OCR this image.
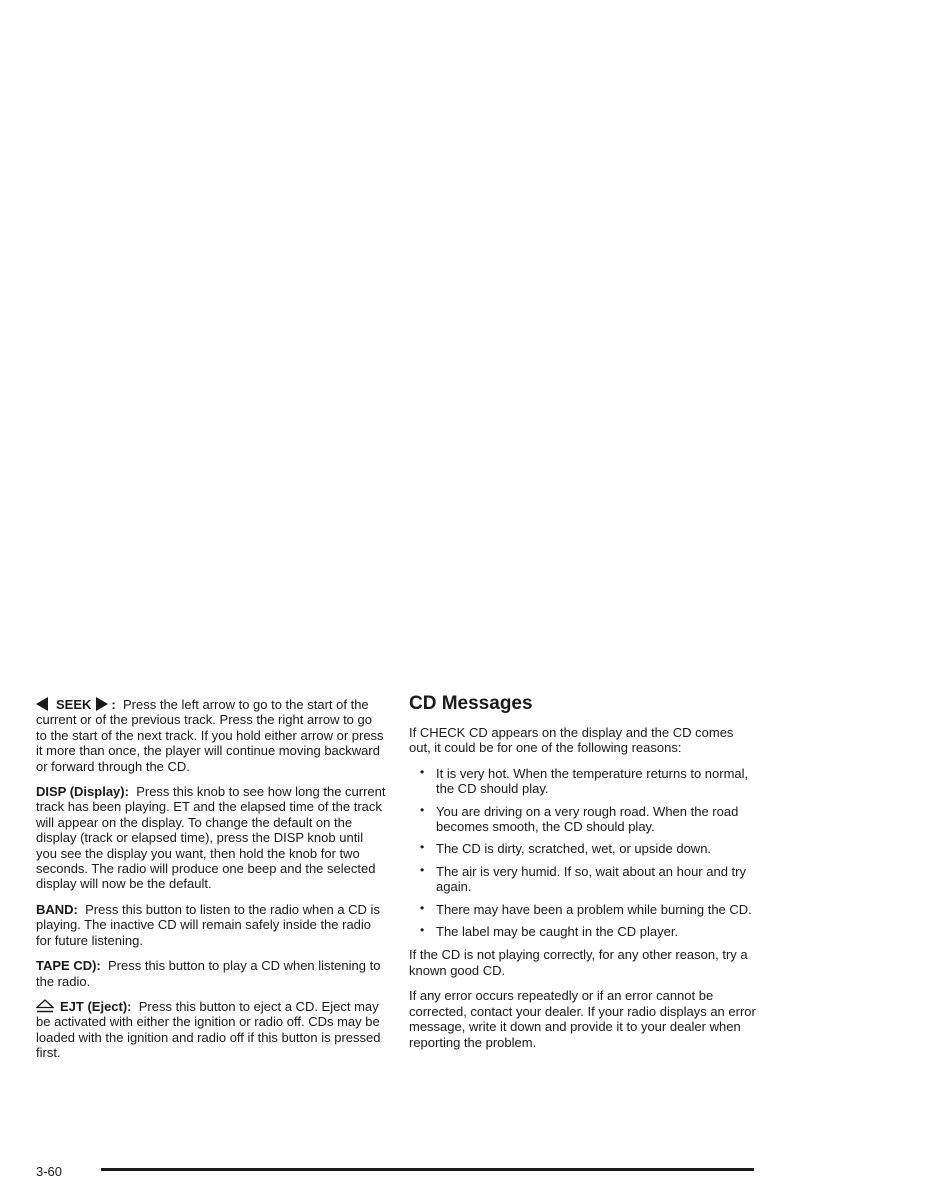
SEEK : Press the left arrow to go to the start of the current or of the previous track. Press the right arrow to go to the start of the next track. If you hold either arrow or press it more than once, the player will continue moving backward or forward through the CD.

DISP (Display): Press this knob to see how long the current track has been playing. ET and the elapsed time of the track will appear on the display. To change the default on the display (track or elapsed time), press the DISP knob until you see the display you want, then hold the knob for two seconds. The radio will produce one beep and the selected display will now be the default.

BAND: Press this button to listen to the radio when a CD is playing. The inactive CD will remain safely inside the radio for future listening.

TAPE CD): Press this button to play a CD when listening to the radio.

EJT (Eject): Press this button to eject a CD. Eject may be activated with either the ignition or radio off. CDs may be loaded with the ignition and radio off if this button is pressed first.

CD Messages

If CHECK CD appears on the display and the CD comes out, it could be for one of the following reasons:

• It is very hot. When the temperature returns to normal, the CD should play.
• You are driving on a very rough road. When the road becomes smooth, the CD should play.
• The CD is dirty, scratched, wet, or upside down.
• The air is very humid. If so, wait about an hour and try again.
• There may have been a problem while burning the CD.
• The label may be caught in the CD player.

If the CD is not playing correctly, for any other reason, try a known good CD.

If any error occurs repeatedly or if an error cannot be corrected, contact your dealer. If your radio displays an error message, write it down and provide it to your dealer when reporting the problem.

3-60
